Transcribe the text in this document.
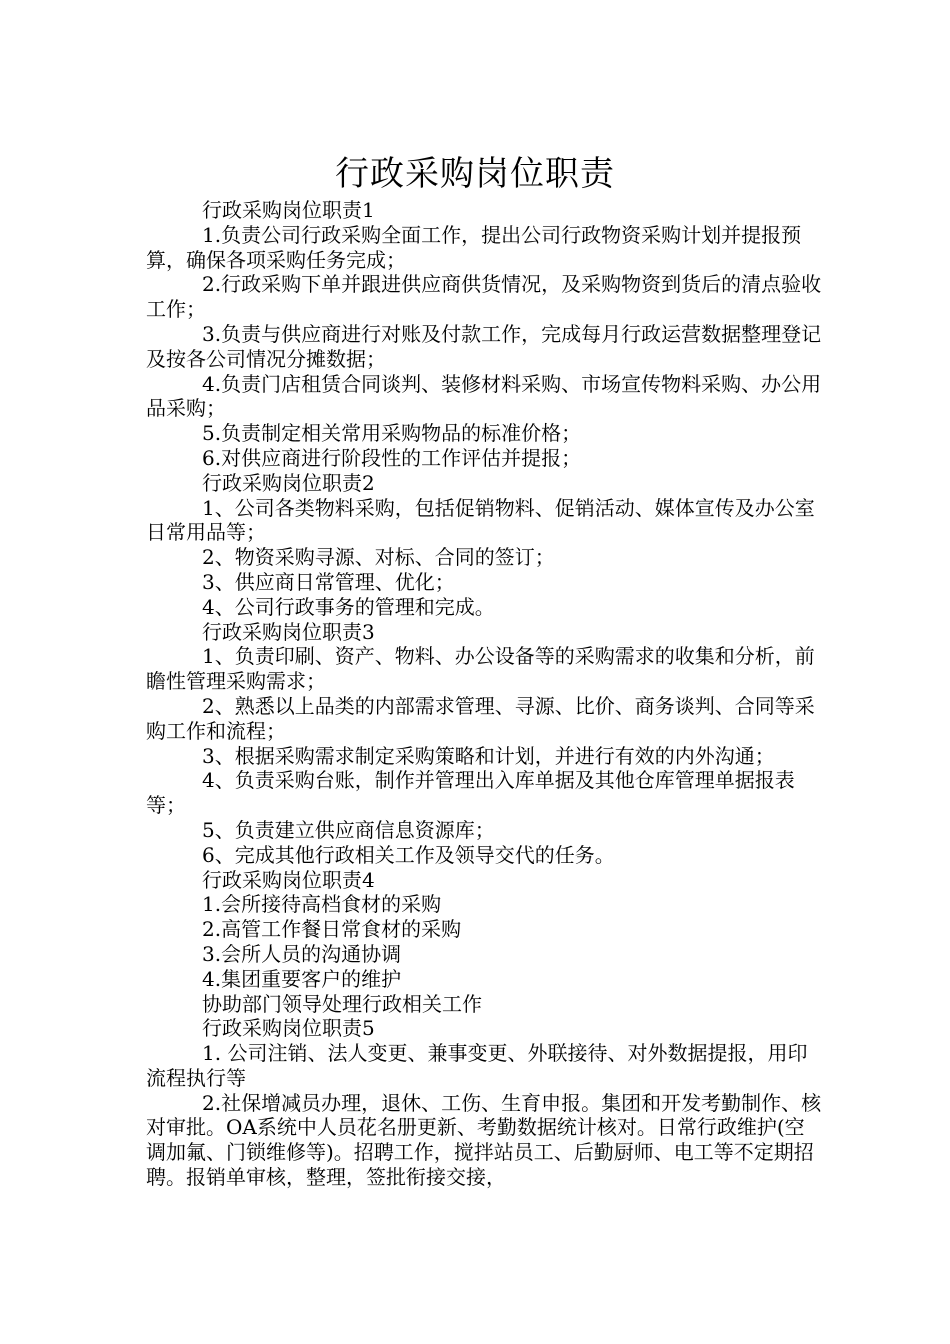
行政采购岗位职责

行政采购岗位职责1

1.负责公司行政采购全面工作，提出公司行政物资采购计划并提报预算，确保各项采购任务完成；

2.行政采购下单并跟进供应商供货情况，及采购物资到货后的清点验收工作；

3.负责与供应商进行对账及付款工作，完成每月行政运营数据整理登记及按各公司情况分摊数据；

4.负责门店租赁合同谈判、装修材料采购、市场宣传物料采购、办公用品采购；

5.负责制定相关常用采购物品的标准价格；

6.对供应商进行阶段性的工作评估并提报；

行政采购岗位职责2

1、公司各类物料采购，包括促销物料、促销活动、媒体宣传及办公室日常用品等；

2、物资采购寻源、对标、合同的签订；

3、供应商日常管理、优化；

4、公司行政事务的管理和完成。

行政采购岗位职责3

1、负责印刷、资产、物料、办公设备等的采购需求的收集和分析，前瞻性管理采购需求；

2、熟悉以上品类的内部需求管理、寻源、比价、商务谈判、合同等采购工作和流程；

3、根据采购需求制定采购策略和计划，并进行有效的内外沟通；

4、负责采购台账，制作并管理出入库单据及其他仓库管理单据报表等；

5、负责建立供应商信息资源库；

6、完成其他行政相关工作及领导交代的任务。

行政采购岗位职责4

1.会所接待高档食材的采购

2.高管工作餐日常食材的采购

3.会所人员的沟通协调

4.集团重要客户的维护

协助部门领导处理行政相关工作

行政采购岗位职责5

1. 公司注销、法人变更、兼事变更、外联接待、对外数据提报，用印流程执行等

2.社保增减员办理，退休、工伤、生育申报。集团和开发考勤制作、核对审批。OA系统中人员花名册更新、考勤数据统计核对。日常行政维护(空调加氟、门锁维修等)。招聘工作，搅拌站员工、后勤厨师、电工等不定期招聘。报销单审核，整理，签批衔接交接，
